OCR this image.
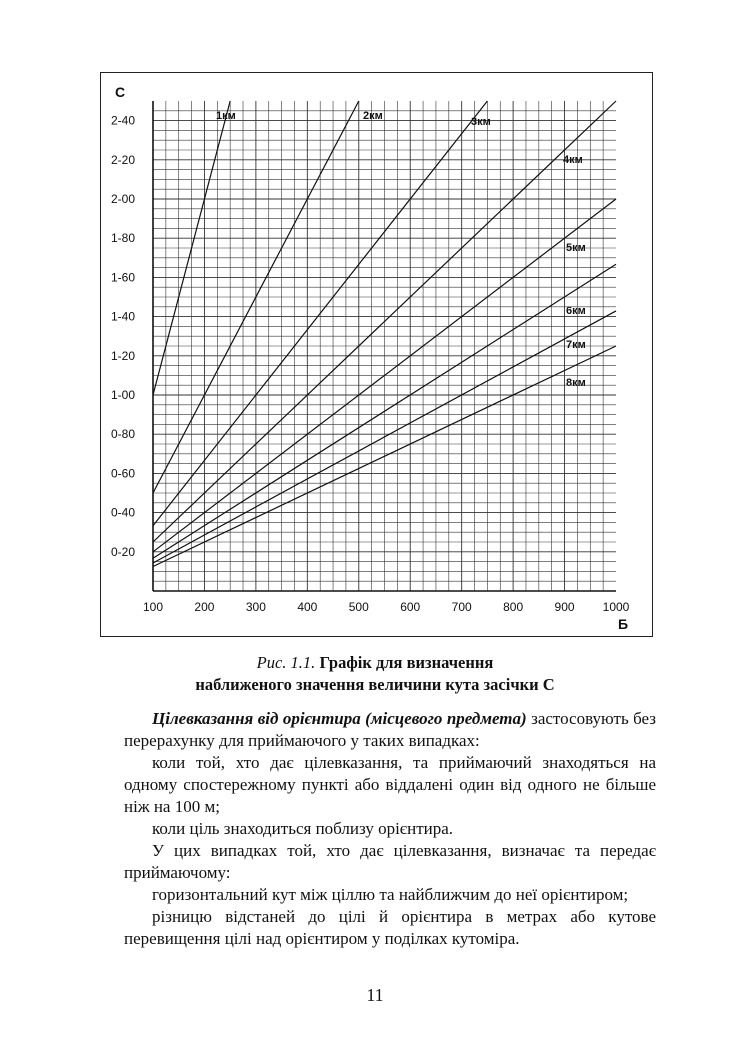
100	200	300	400	500	600	700	800	900 1000
0-20
0-40
0-60
0-80
1-00
1-20
1-40
1-60
1-80
2-00
2-20
2-40
С
Б
1км	2км	3км
4км
5км
6км
7км
8км
Рис. 1.1. Графік для визначення
наближеного значення величини кута засічки С
Цілевказання від орієнтира (місцевого предмета) застосовують без перерахунку для приймаючого у таких випадках:
коли той, хто дає цілевказання, та приймаючий знаходяться на одному спостережному пункті або віддалені один від одного не більше ніж на 100 м;
коли ціль знаходиться поблизу орієнтира.
У цих випадках той, хто дає цілевказання, визначає та передає приймаючому:
горизонтальний кут між ціллю та найближчим до неї орієнтиром;
різницю відстаней до цілі й орієнтира в метрах або кутове перевищення цілі над орієнтиром у поділках кутоміра.
11
